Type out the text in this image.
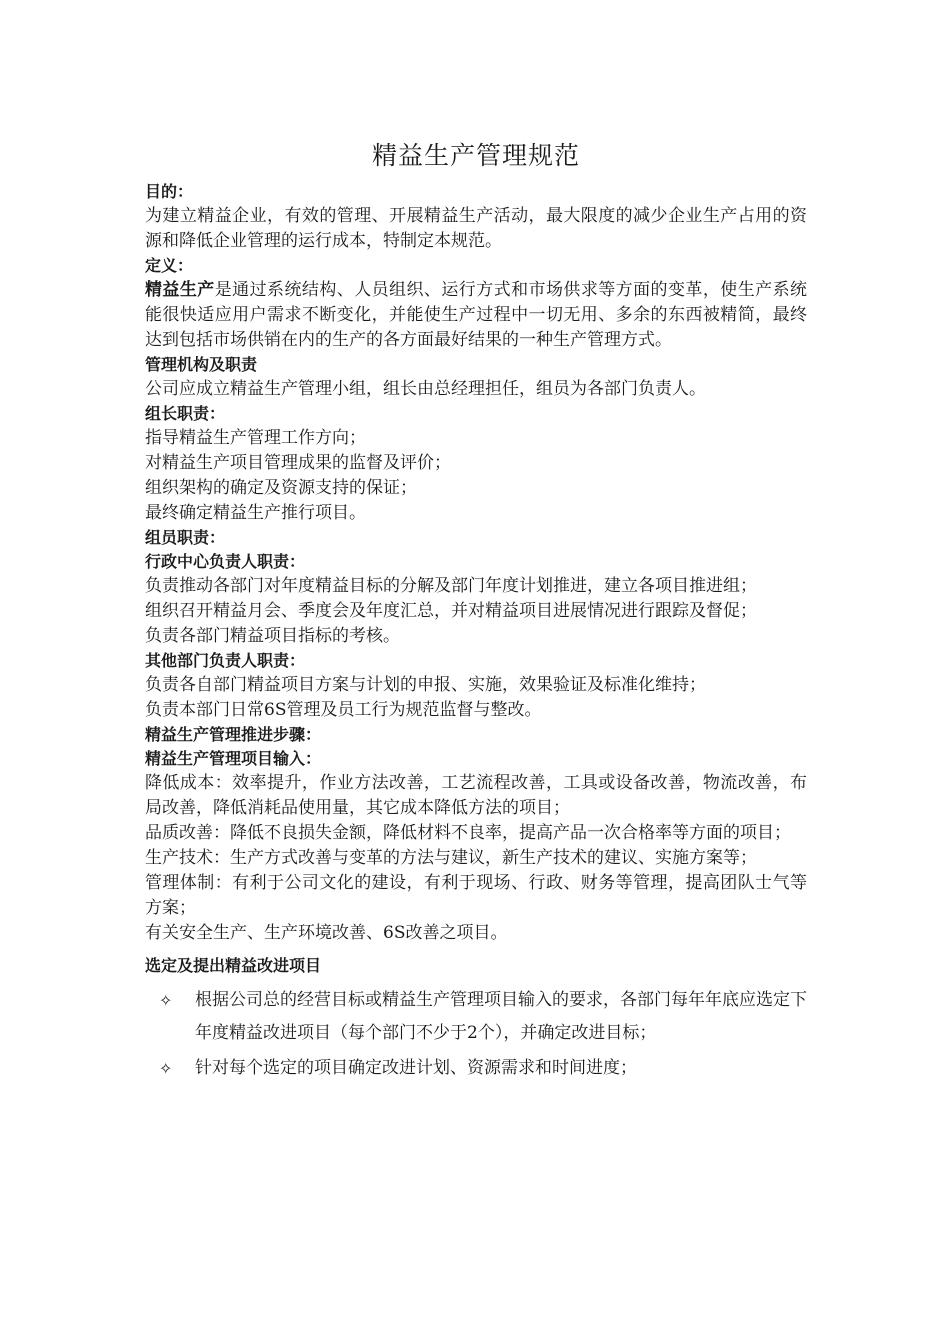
精益生产管理规范
目的：
为建立精益企业，有效的管理、开展精益生产活动，最大限度的减少企业生产占用的资源和降低企业管理的运行成本，特制定本规范。
定义：
精益生产是通过系统结构、人员组织、运行方式和市场供求等方面的变革，使生产系统能很快适应用户需求不断变化，并能使生产过程中一切无用、多余的东西被精简，最终达到包括市场供销在内的生产的各方面最好结果的一种生产管理方式。
管理机构及职责
公司应成立精益生产管理小组，组长由总经理担任，组员为各部门负责人。
组长职责：
指导精益生产管理工作方向；
对精益生产项目管理成果的监督及评价；
组织架构的确定及资源支持的保证；
最终确定精益生产推行项目。
组员职责：
行政中心负责人职责：
负责推动各部门对年度精益目标的分解及部门年度计划推进，建立各项目推进组；
组织召开精益月会、季度会及年度汇总，并对精益项目进展情况进行跟踪及督促；
负责各部门精益项目指标的考核。
其他部门负责人职责：
负责各自部门精益项目方案与计划的申报、实施，效果验证及标准化维持；
负责本部门日常6S管理及员工行为规范监督与整改。
精益生产管理推进步骤：
精益生产管理项目输入：
降低成本：效率提升，作业方法改善，工艺流程改善，工具或设备改善，物流改善，布局改善，降低消耗品使用量，其它成本降低方法的项目；
品质改善：降低不良损失金额，降低材料不良率，提高产品一次合格率等方面的项目；
生产技术：生产方式改善与变革的方法与建议，新生产技术的建议、实施方案等；
管理体制：有利于公司文化的建设，有利于现场、行政、财务等管理，提高团队士气等方案；
有关安全生产、生产环境改善、6S改善之项目。
选定及提出精益改进项目
✧ 根据公司总的经营目标或精益生产管理项目输入的要求，各部门每年年底应选定下年度精益改进项目（每个部门不少于2个），并确定改进目标；
✧ 针对每个选定的项目确定改进计划、资源需求和时间进度；
